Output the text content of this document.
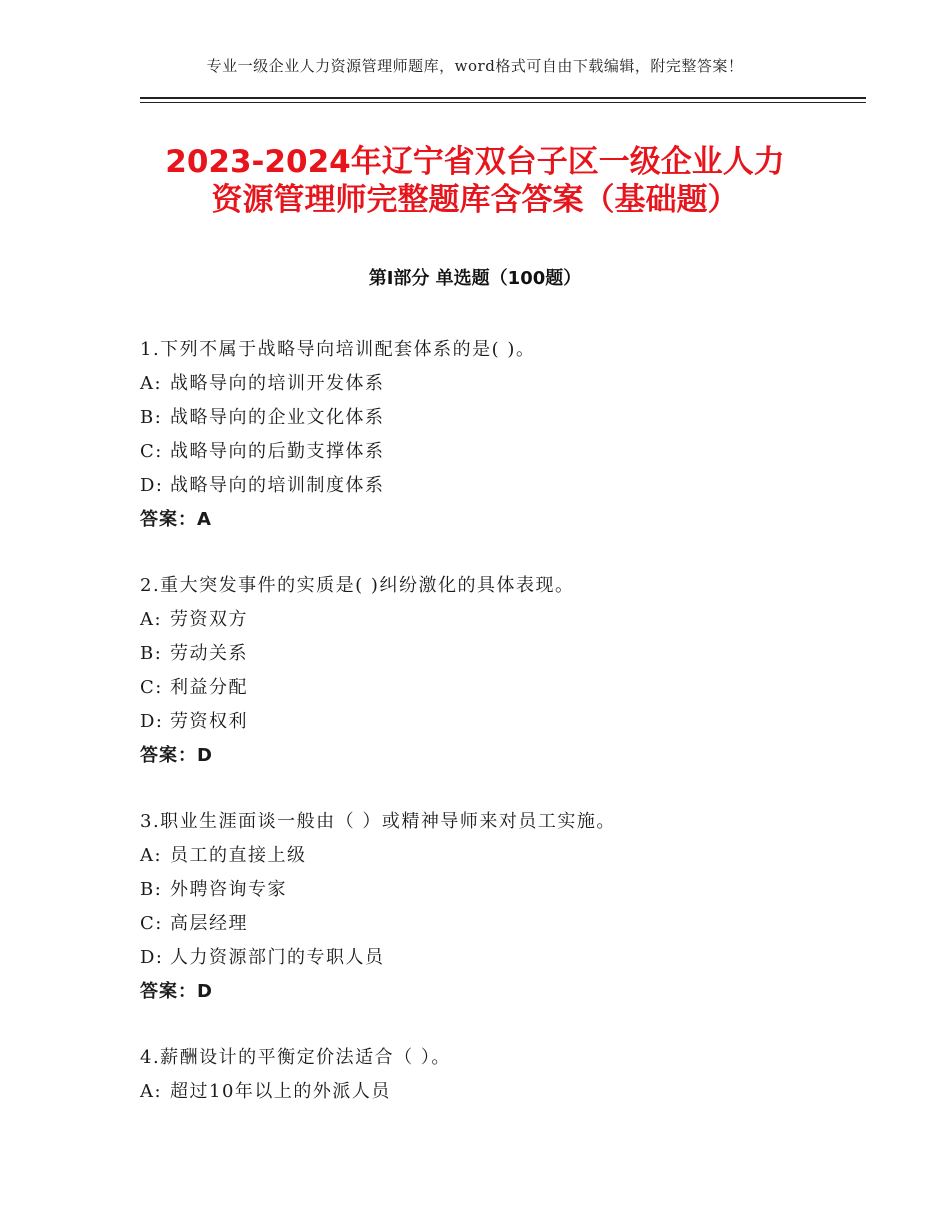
专业一级企业人力资源管理师题库，word格式可自由下载编辑，附完整答案！
2023-2024年辽宁省双台子区一级企业人力
资源管理师完整题库含答案（基础题）
第Ⅰ部分 单选题（100题）
1.下列不属于战略导向培训配套体系的是( )。
A: 战略导向的培训开发体系
B: 战略导向的企业文化体系
C: 战略导向的后勤支撑体系
D: 战略导向的培训制度体系
答案：A
2.重大突发事件的实质是( )纠纷激化的具体表现。
A: 劳资双方
B: 劳动关系
C: 利益分配
D: 劳资权利
答案：D
3.职业生涯面谈一般由（ ）或精神导师来对员工实施。
A: 员工的直接上级
B: 外聘咨询专家
C: 高层经理
D: 人力资源部门的专职人员
答案：D
4.薪酬设计的平衡定价法适合（ ）。
A: 超过10年以上的外派人员
